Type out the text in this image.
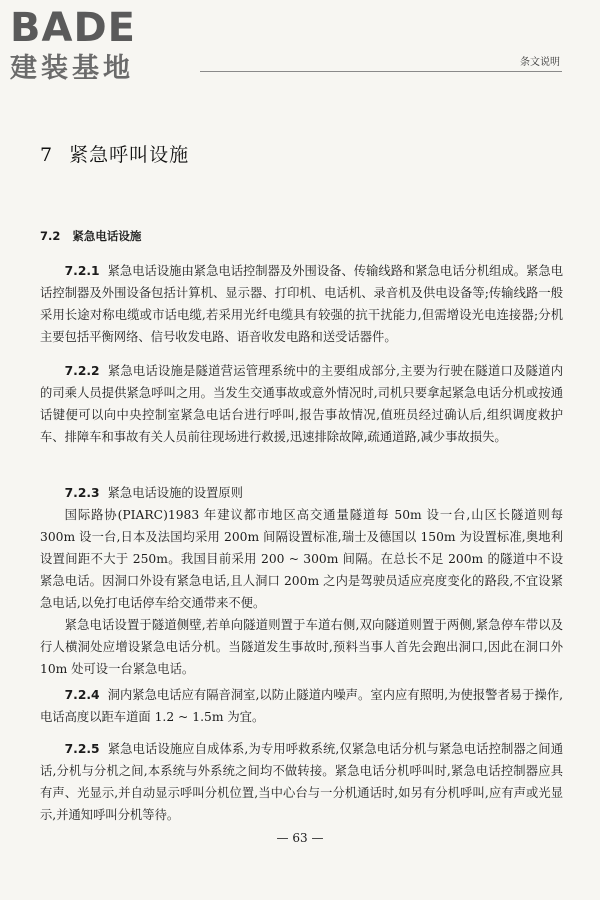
BADE
建装基地	条文说明
7 紧急呼叫设施
7.2 紧急电话设施

7.2.1 紧急电话设施由紧急电话控制器及外围设备、传输线路和紧急电话分机组成。紧急电话控制器及外围设备包括计算机、显示器、打印机、电话机、录音机及供电设备等;传输线路一般采用长途对称电缆或市话电缆,若采用光纤电缆具有较强的抗干扰能力,但需增设光电连接器;分机主要包括平衡网络、信号收发电路、语音收发电路和送受话器件。

7.2.2 紧急电话设施是隧道营运管理系统中的主要组成部分,主要为行驶在隧道口及隧道内的司乘人员提供紧急呼叫之用。当发生交通事故或意外情况时,司机只要拿起紧急电话分机或按通话键便可以向中央控制室紧急电话台进行呼叫,报告事故情况,值班员经过确认后,组织调度救护车、排障车和事故有关人员前往现场进行救援,迅速排除故障,疏通道路,减少事故损失。

7.2.3 紧急电话设施的设置原则

国际路协(PIARC)1983 年建议都市地区高交通量隧道每 50m 设一台,山区长隧道则每 300m 设一台,日本及法国均采用 200m 间隔设置标准,瑞士及德国以 150m 为设置标准,奥地利设置间距不大于 250m。我国目前采用 200 ~ 300m 间隔。在总长不足 200m 的隧道中不设紧急电话。因洞口外设有紧急电话,且人洞口 200m 之内是驾驶员适应亮度变化的路段,不宜设紧急电话,以免打电话停车给交通带来不便。

紧急电话设置于隧道侧壁,若单向隧道则置于车道右侧,双向隧道则置于两侧,紧急停车带以及行人横洞处应增设紧急电话分机。当隧道发生事故时,预料当事人首先会跑出洞口,因此在洞口外 10m 处可设一台紧急电话。

7.2.4 洞内紧急电话应有隔音洞室,以防止隧道内噪声。室内应有照明,为使报警者易于操作,电话高度以距车道面 1.2 ~ 1.5m 为宜。

7.2.5 紧急电话设施应自成体系,为专用呼救系统,仅紧急电话分机与紧急电话控制器之间通话,分机与分机之间,本系统与外系统之间均不做转接。紧急电话分机呼叫时,紧急电话控制器应具有声、光显示,并自动显示呼叫分机位置,当中心台与一分机通话时,如另有分机呼叫,应有声或光显示,并通知呼叫分机等待。

— 63 —
